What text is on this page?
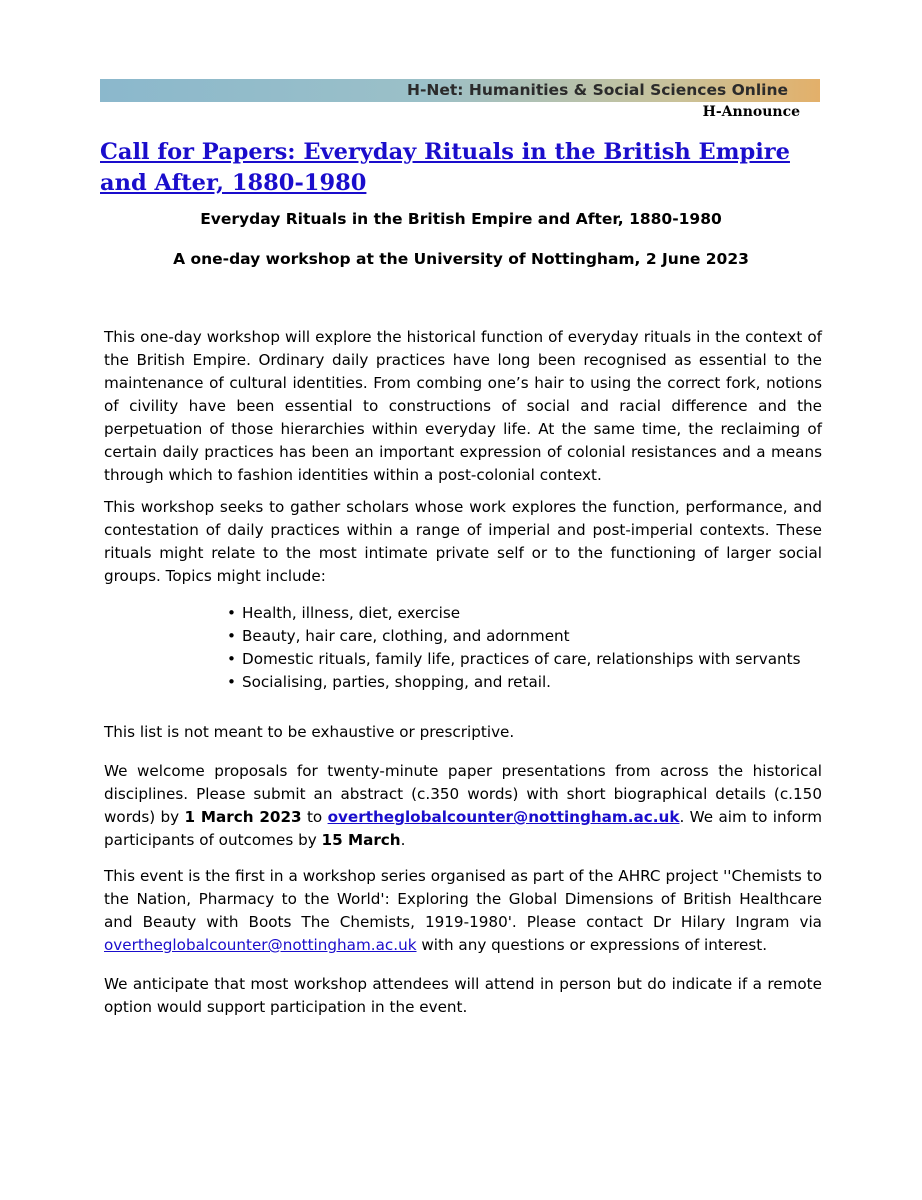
H-Net: Humanities & Social Sciences Online
H-Announce
Call for Papers: Everyday Rituals in the British Empire and After, 1880-1980

Everyday Rituals in the British Empire and After, 1880-1980

A one-day workshop at the University of Nottingham, 2 June 2023

This one-day workshop will explore the historical function of everyday rituals in the context of the British Empire. Ordinary daily practices have long been recognised as essential to the maintenance of cultural identities. From combing one’s hair to using the correct fork, notions of civility have been essential to constructions of social and racial difference and the perpetuation of those hierarchies within everyday life. At the same time, the reclaiming of certain daily practices has been an important expression of colonial resistances and a means through which to fashion identities within a post-colonial context.

This workshop seeks to gather scholars whose work explores the function, performance, and contestation of daily practices within a range of imperial and post-imperial contexts. These rituals might relate to the most intimate private self or to the functioning of larger social groups. Topics might include:

• Health, illness, diet, exercise
• Beauty, hair care, clothing, and adornment
• Domestic rituals, family life, practices of care, relationships with servants
• Socialising, parties, shopping, and retail.

This list is not meant to be exhaustive or prescriptive.

We welcome proposals for twenty-minute paper presentations from across the historical disciplines. Please submit an abstract (c.350 words) with short biographical details (c.150 words) by 1 March 2023 to overtheglobalcounter@nottingham.ac.uk. We aim to inform participants of outcomes by 15 March.

This event is the first in a workshop series organised as part of the AHRC project ''Chemists to the Nation, Pharmacy to the World': Exploring the Global Dimensions of British Healthcare and Beauty with Boots The Chemists, 1919-1980'. Please contact Dr Hilary Ingram via overtheglobalcounter@nottingham.ac.uk with any questions or expressions of interest.

We anticipate that most workshop attendees will attend in person but do indicate if a remote option would support participation in the event.
